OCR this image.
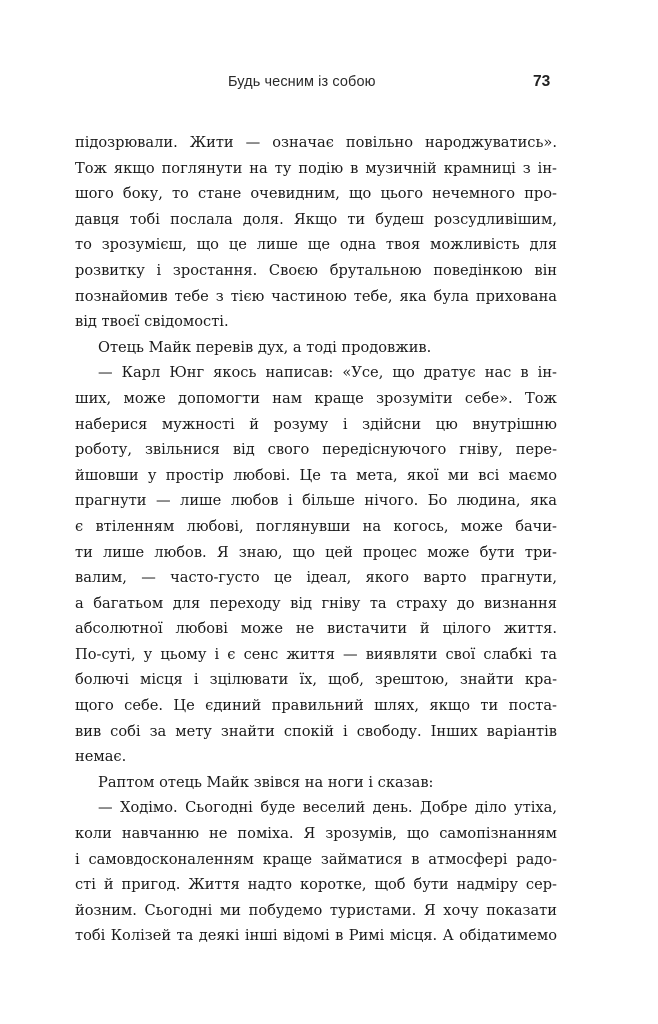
Будь чесним із собою	73
підозрювали. Жити — означає повільно народжуватись».
Тож якщо поглянути на ту подію в музичній крамниці з ін-
шого боку, то стане очевидним, що цього нечемного про-
давця тобі послала доля. Якщо ти будеш розсудливішим,
то зрозумієш, що це лише ще одна твоя можливість для
розвитку і зростання. Своєю брутальною поведінкою він
познайомив тебе з тією частиною тебе, яка була прихована
від твоєї свідомості.
Отець Майк перевів дух, а тоді продовжив.
— Карл Юнг якось написав: «Усе, що дратує нас в ін-
ших, може допомогти нам краще зрозуміти себе». Тож
наберися мужності й розуму і здійсни цю внутрішню
роботу, звільнися від свого передіснуючого гніву, пере-
йшовши у простір любові. Це та мета, якої ми всі маємо
прагнути — лише любов і більше нічого. Бо людина, яка
є втіленням любові, поглянувши на когось, може бачи-
ти лише любов. Я знаю, що цей процес може бути три-
валим, — часто-густо це ідеал, якого варто прагнути,
а багатьом для переходу від гніву та страху до визнання
абсолютної любові може не вистачити й цілого життя.
По-суті, у цьому і є сенс життя — виявляти свої слабкі та
болючі місця і зцілювати їх, щоб, зрештою, знайти кра-
щого себе. Це єдиний правильний шлях, якщо ти поста-
вив собі за мету знайти спокій і свободу. Інших варіантів
немає.
Раптом отець Майк звівся на ноги і сказав:
— Ходімо. Сьогодні буде веселий день. Добре діло утіха,
коли навчанню не поміха. Я зрозумів, що самопізнанням
і самовдосконаленням краще займатися в атмосфері радо-
сті й пригод. Життя надто коротке, щоб бути надміру сер-
йозним. Сьогодні ми побудемо туристами. Я хочу показати
тобі Колізей та деякі інші відомі в Римі місця. А обідатимемо
